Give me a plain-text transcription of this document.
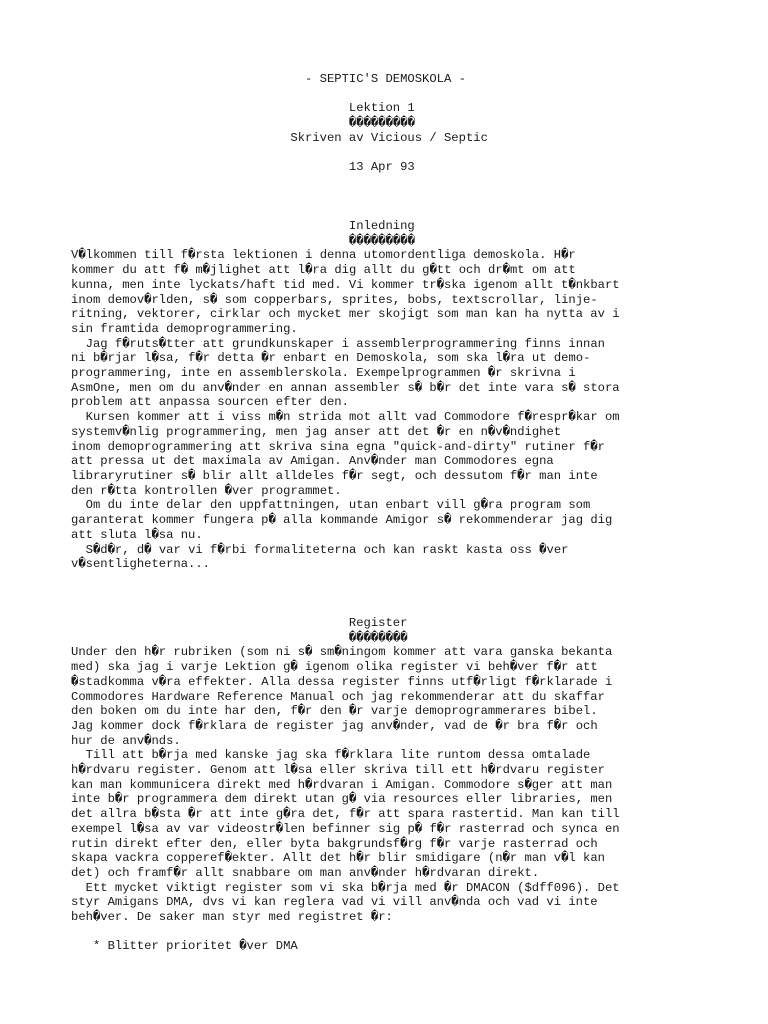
- SEPTIC'S DEMOSKOLA -

Lektion 1
���������
Skriven av Vicious / Septic

13 Apr 93

Inledning
���������
V�lkommen till f�rsta lektionen i denna utomordentliga demoskola. H�r
kommer du att f� m�jlighet att l�ra dig allt du g�tt och dr�mt om att
kunna, men inte lyckats/haft tid med. Vi kommer tr�ska igenom allt t�nkbart
inom demov�rlden, s� som copperbars, sprites, bobs, textscrollar, linje-
ritning, vektorer, cirklar och mycket mer skojigt som man kan ha nytta av i
sin framtida demoprogrammering.
Jag f�ruts�tter att grundkunskaper i assemblerprogrammering finns innan
ni b�rjar l�sa, f�r detta �r enbart en Demoskola, som ska l�ra ut demo-
programmering, inte en assemblerskola. Exempelprogrammen �r skrivna i
AsmOne, men om du anv�nder en annan assembler s� b�r det inte vara s� stora
problem att anpassa sourcen efter den.
Kursen kommer att i viss m�n strida mot allt vad Commodore f�respr�kar om
systemv�nlig programmering, men jag anser att det �r en n�v�ndighet
inom demoprogrammering att skriva sina egna "quick-and-dirty" rutiner f�r
att pressa ut det maximala av Amigan. Anv�nder man Commodores egna
libraryrutiner s� blir allt alldeles f�r segt, och dessutom f�r man inte
den r�tta kontrollen �ver programmet.
Om du inte delar den uppfattningen, utan enbart vill g�ra program som
garanterat kommer fungera p� alla kommande Amigor s� rekommenderar jag dig
att sluta l�sa nu.
S�d�r, d� var vi f�rbi formaliteterna och kan raskt kasta oss �ver
v�sentligheterna...

Register
��������
Under den h�r rubriken (som ni s� sm�ningom kommer att vara ganska bekanta
med) ska jag i varje Lektion g� igenom olika register vi beh�ver f�r att
�stadkomma v�ra effekter. Alla dessa register finns utf�rligt f�rklarade i
Commodores Hardware Reference Manual och jag rekommenderar att du skaffar
den boken om du inte har den, f�r den �r varje demoprogrammerares bibel.
Jag kommer dock f�rklara de register jag anv�nder, vad de �r bra f�r och
hur de anv�nds.
Till att b�rja med kanske jag ska f�rklara lite runtom dessa omtalade
h�rdvaru register. Genom att l�sa eller skriva till ett h�rdvaru register
kan man kommunicera direkt med h�rdvaran i Amigan. Commodore s�ger att man
inte b�r programmera dem direkt utan g� via resources eller libraries, men
det allra b�sta �r att inte g�ra det, f�r att spara rastertid. Man kan till
exempel l�sa av var videostr�len befinner sig p� f�r rasterrad och synca en
rutin direkt efter den, eller byta bakgrundsf�rg f�r varje rasterrad och
skapa vackra copperef�ekter. Allt det h�r blir smidigare (n�r man v�l kan
det) och framf�r allt snabbare om man anv�nder h�rdvaran direkt.
Ett mycket viktigt register som vi ska b�rja med �r DMACON ($dff096). Det
styr Amigans DMA, dvs vi kan reglera vad vi vill anv�nda och vad vi inte
beh�ver. De saker man styr med registret �r:

* Blitter prioritet �ver DMA
